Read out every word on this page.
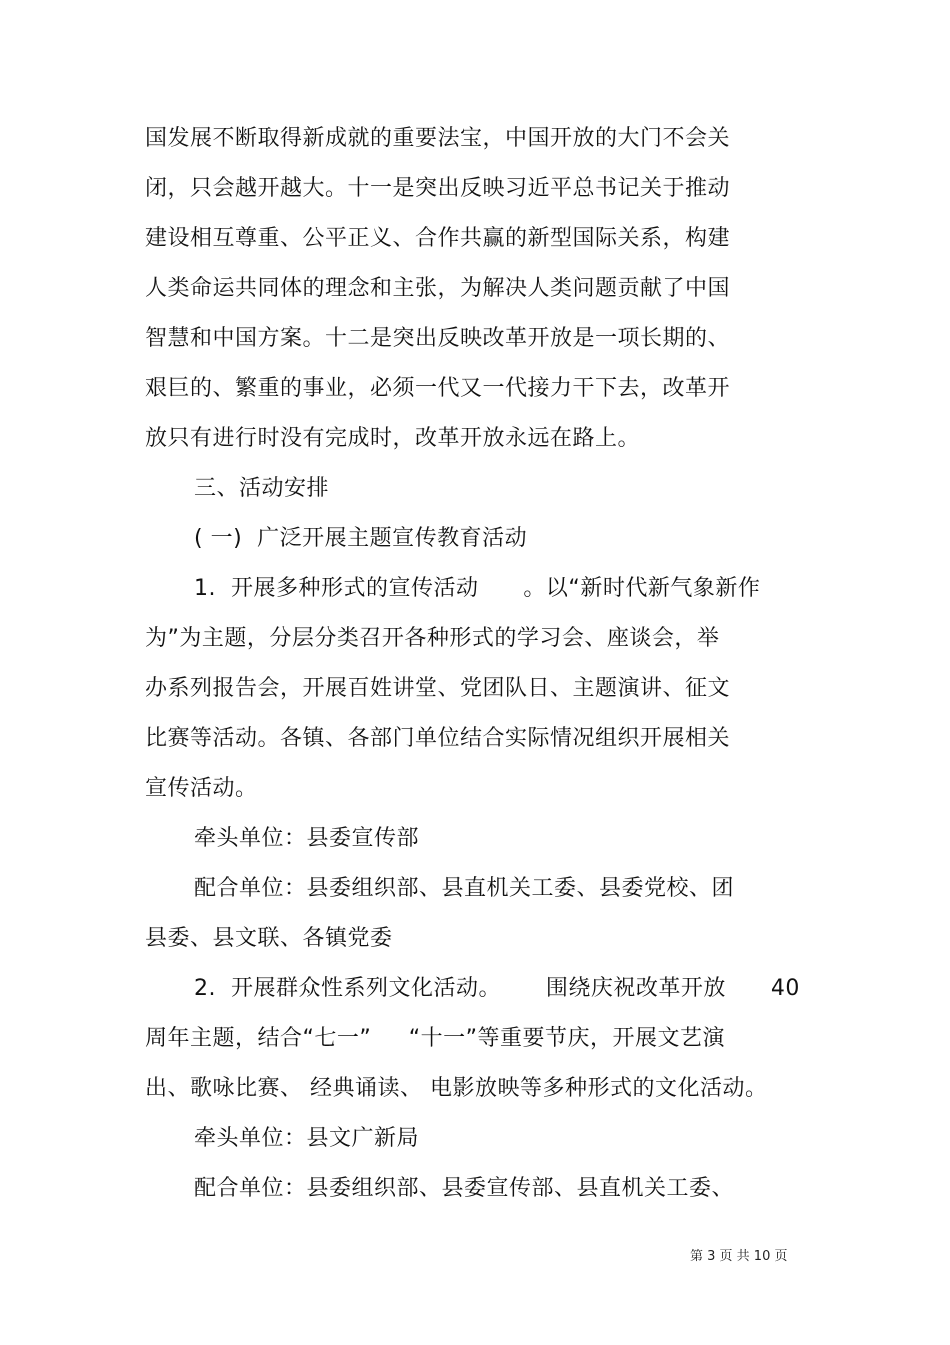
国发展不断取得新成就的重要法宝，中国开放的大门不会关
闭，只会越开越大。十一是突出反映习近平总书记关于推动
建设相互尊重、公平正义、合作共赢的新型国际关系，构建
人类命运共同体的理念和主张，为解决人类问题贡献了中国
智慧和中国方案。十二是突出反映改革开放是一项长期的、
艰巨的、繁重的事业，必须一代又一代接力干下去，改革开
放只有进行时没有完成时，改革开放永远在路上。
三、活动安排
( 一)  广泛开展主题宣传教育活动
1.  开展多种形式的宣传活动      。以“新时代新气象新作
为”为主题，分层分类召开各种形式的学习会、座谈会，举
办系列报告会，开展百姓讲堂、党团队日、主题演讲、征文
比赛等活动。各镇、各部门单位结合实际情况组织开展相关
宣传活动。
牵头单位：县委宣传部
配合单位：县委组织部、县直机关工委、县委党校、团
县委、县文联、各镇党委
2.  开展群众性系列文化活动。      围绕庆祝改革开放      40
周年主题，结合“七一”     “十一”等重要节庆，开展文艺演
出、歌咏比赛、 经典诵读、 电影放映等多种形式的文化活动。
牵头单位：县文广新局
配合单位：县委组织部、县委宣传部、县直机关工委、
第 3 页 共 10 页
